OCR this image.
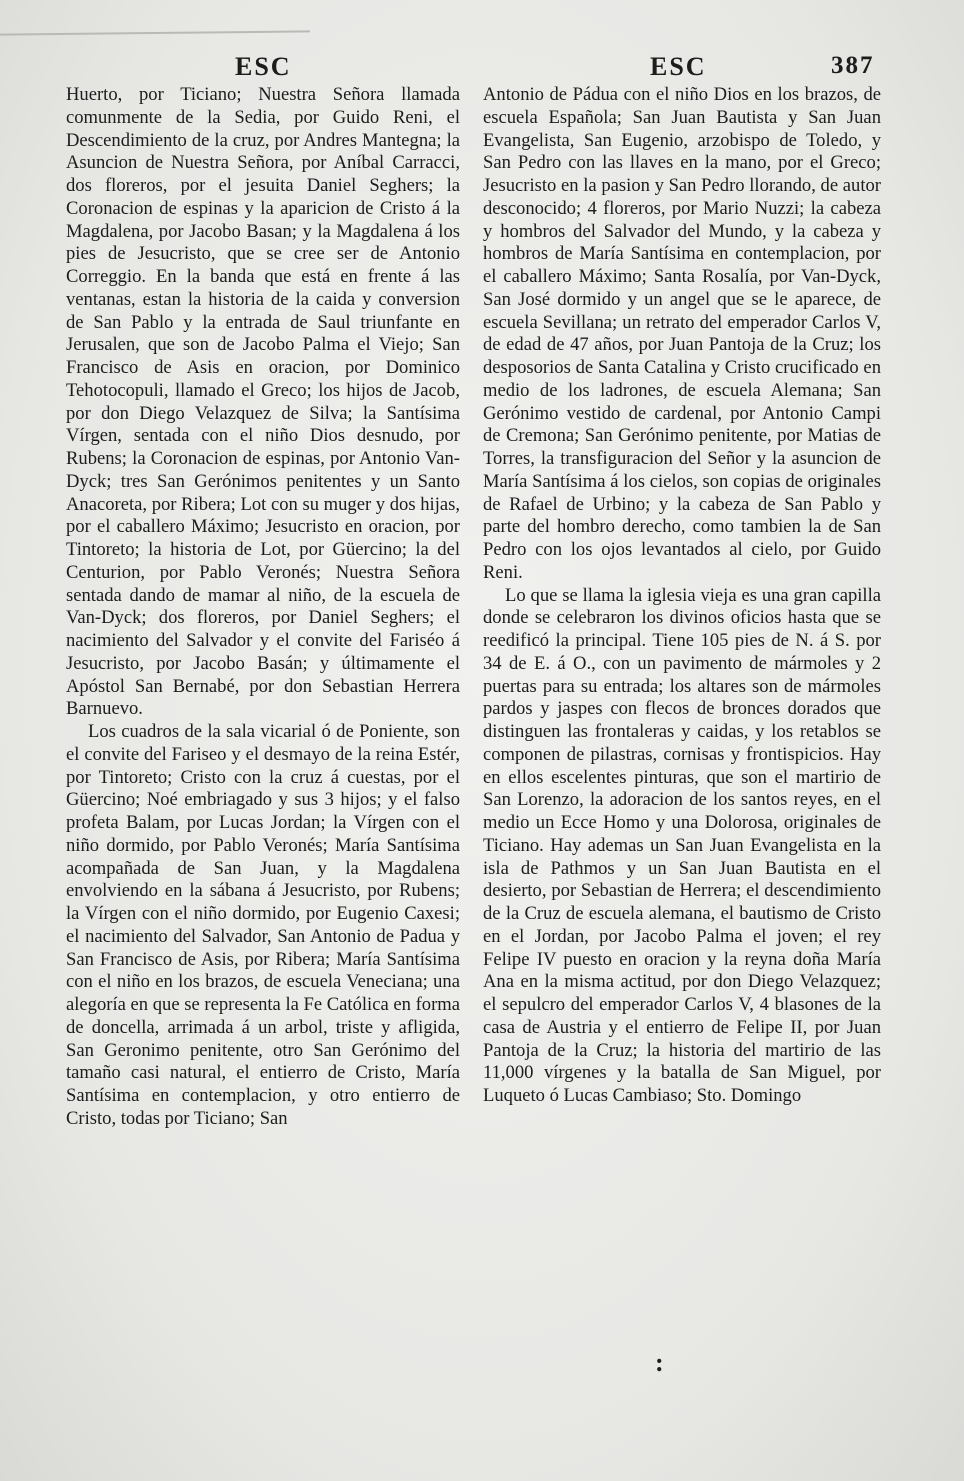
ESC	ESC	387

Huerto, por Ticiano; Nuestra Señora llamada comunmente de la Sedia, por Guido Reni, el Descendimiento de la cruz, por Andres Mantegna; la Asuncion de Nuestra Señora, por Aníbal Carracci, dos floreros, por el jesuita Daniel Seghers; la Coronacion de espinas y la aparicion de Cristo á la Magdalena, por Jacobo Basan; y la Magdalena á los pies de Jesucristo, que se cree ser de Antonio Correggio. En la banda que está en frente á las ventanas, estan la historia de la caida y conversion de San Pablo y la entrada de Saul triunfante en Jerusalen, que son de Jacobo Palma el Viejo; San Francisco de Asis en oracion, por Dominico Tehotocopuli, llamado el Greco; los hijos de Jacob, por don Diego Velazquez de Silva; la Santísima Vírgen, sentada con el niño Dios desnudo, por Rubens; la Coronacion de espinas, por Antonio Van-Dyck; tres San Gerónimos penitentes y un Santo Anacoreta, por Ribera; Lot con su muger y dos hijas, por el caballero Máximo; Jesucristo en oracion, por Tintoreto; la historia de Lot, por Güercino; la del Centurion, por Pablo Veronés; Nuestra Señora sentada dando de mamar al niño, de la escuela de Van-Dyck; dos floreros, por Daniel Seghers; el nacimiento del Salvador y el convite del Fariséo á Jesucristo, por Jacobo Basán; y últimamente el Apóstol San Bernabé, por don Sebastian Herrera Barnuevo.

Los cuadros de la sala vicarial ó de Poniente, son el convite del Fariseo y el desmayo de la reina Estér, por Tintoreto; Cristo con la cruz á cuestas, por el Güercino; Noé embriagado y sus 3 hijos; y el falso profeta Balam, por Lucas Jordan; la Vírgen con el niño dormido, por Pablo Veronés; María Santísima acompañada de San Juan, y la Magdalena envolviendo en la sábana á Jesucristo, por Rubens; la Vírgen con el niño dormido, por Eugenio Caxesi; el nacimiento del Salvador, San Antonio de Padua y San Francisco de Asis, por Ribera; María Santísima con el niño en los brazos, de escuela Veneciana; una alegoría en que se representa la Fe Católica en forma de doncella, arrimada á un arbol, triste y afligida, San Geronimo penitente, otro San Gerónimo del tamaño casi natural, el entierro de Cristo, María Santísima en contemplacion, y otro entierro de Cristo, todas por Ticiano; San

Antonio de Pádua con el niño Dios en los brazos, de escuela Española; San Juan Bautista y San Juan Evangelista, San Eugenio, arzobispo de Toledo, y San Pedro con las llaves en la mano, por el Greco; Jesucristo en la pasion y San Pedro llorando, de autor desconocido; 4 floreros, por Mario Nuzzi; la cabeza y hombros del Salvador del Mundo, y la cabeza y hombros de María Santísima en contemplacion, por el caballero Máximo; Santa Rosalía, por Van-Dyck, San José dormido y un angel que se le aparece, de escuela Sevillana; un retrato del emperador Carlos V, de edad de 47 años, por Juan Pantoja de la Cruz; los desposorios de Santa Catalina y Cristo crucificado en medio de los ladrones, de escuela Alemana; San Gerónimo vestido de cardenal, por Antonio Campi de Cremona; San Gerónimo penitente, por Matias de Torres, la transfiguracion del Señor y la asuncion de María Santísima á los cielos, son copias de originales de Rafael de Urbino; y la cabeza de San Pablo y parte del hombro derecho, como tambien la de San Pedro con los ojos levantados al cielo, por Guido Reni.

Lo que se llama la iglesia vieja es una gran capilla donde se celebraron los divinos oficios hasta que se reedificó la principal. Tiene 105 pies de N. á S. por 34 de E. á O., con un pavimento de mármoles y 2 puertas para su entrada; los altares son de mármoles pardos y jaspes con flecos de bronces dorados que distinguen las frontaleras y caidas, y los retablos se componen de pilastras, cornisas y frontispicios. Hay en ellos escelentes pinturas, que son el martirio de San Lorenzo, la adoracion de los santos reyes, en el medio un Ecce Homo y una Dolorosa, originales de Ticiano. Hay ademas un San Juan Evangelista en la isla de Pathmos y un San Juan Bautista en el desierto, por Sebastian de Herrera; el descendimiento de la Cruz de escuela alemana, el bautismo de Cristo en el Jordan, por Jacobo Palma el joven; el rey Felipe IV puesto en oracion y la reyna doña María Ana en la misma actitud, por don Diego Velazquez; el sepulcro del emperador Carlos V, 4 blasones de la casa de Austria y el entierro de Felipe II, por Juan Pantoja de la Cruz; la historia del martirio de las 11,000 vírgenes y la batalla de San Miguel, por Luqueto ó Lucas Cambiaso; Sto. Domingo

:
